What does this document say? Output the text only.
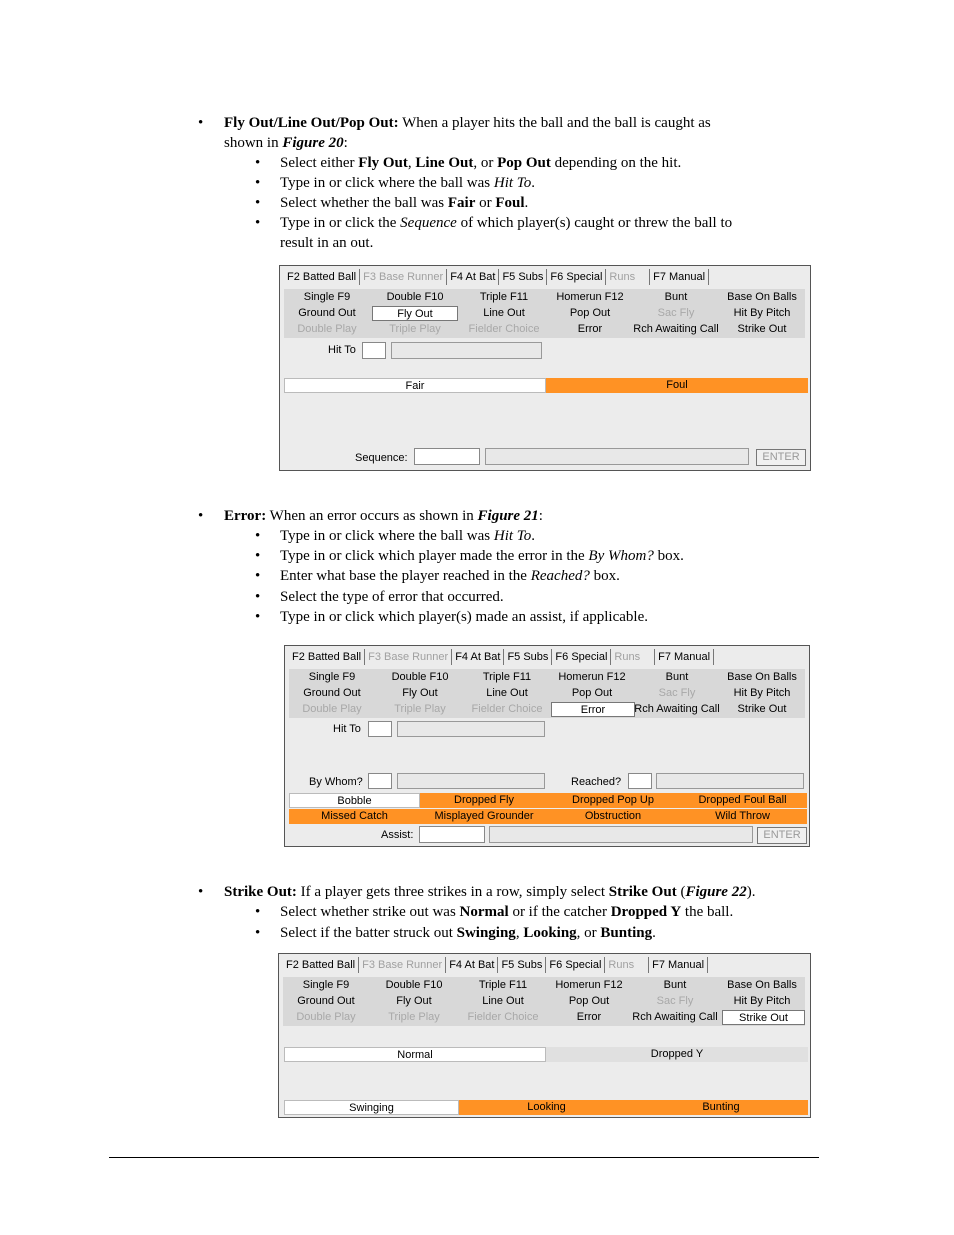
• Fly Out/Line Out/Pop Out: When a player hits the ball and the ball is caught as
shown in Figure 20:
• Select either Fly Out, Line Out, or Pop Out depending on the hit.
• Type in or click where the ball was Hit To.
• Select whether the ball was Fair or Foul.
• Type in or click the Sequence of which player(s) caught or threw the ball to
result in an out.
F2 Batted Ball F3 Base Runner F4 At Bat F5 Subs F6 Special Runs	F7 Manual
Single F9	Double F10	Triple F11	Homerun F12	Bunt	Base On Balls
Ground Out	Fly Out	Line Out	Pop Out	Sac Fly	Hit By Pitch
Double Play	Triple Play	Fielder Choice	Error	Rch Awaiting Call	Strike Out
Hit To
Fair	Foul
Sequence:	ENTER
• Error: When an error occurs as shown in Figure 21:
• Type in or click where the ball was Hit To.
• Type in or click which player made the error in the By Whom? box.
• Enter what base the player reached in the Reached? box.
• Select the type of error that occurred.
• Type in or click which player(s) made an assist, if applicable.
F2 Batted Ball F3 Base Runner F4 At Bat F5 Subs F6 Special Runs	F7 Manual
Single F9	Double F10	Triple F11	Homerun F12	Bunt	Base On Balls
Ground Out	Fly Out	Line Out	Pop Out	Sac Fly	Hit By Pitch
Double Play	Triple Play	Fielder Choice	Error	Rch Awaiting Call	Strike Out
Hit To
By Whom?	Reached?
Bobble	Dropped Fly	Dropped Pop Up	Dropped Foul Ball
Missed Catch	Misplayed Grounder	Obstruction	Wild Throw
Assist:	ENTER
• Strike Out: If a player gets three strikes in a row, simply select Strike Out (Figure 22).
• Select whether strike out was Normal or if the catcher Dropped Y the ball.
• Select if the batter struck out Swinging, Looking, or Bunting.
F2 Batted Ball F3 Base Runner F4 At Bat F5 Subs F6 Special Runs	F7 Manual
Single F9	Double F10	Triple F11	Homerun F12	Bunt	Base On Balls
Ground Out	Fly Out	Line Out	Pop Out	Sac Fly	Hit By Pitch
Double Play	Triple Play	Fielder Choice	Error	Rch Awaiting Call	Strike Out
Normal	Dropped Y
Swinging	Looking	Bunting
